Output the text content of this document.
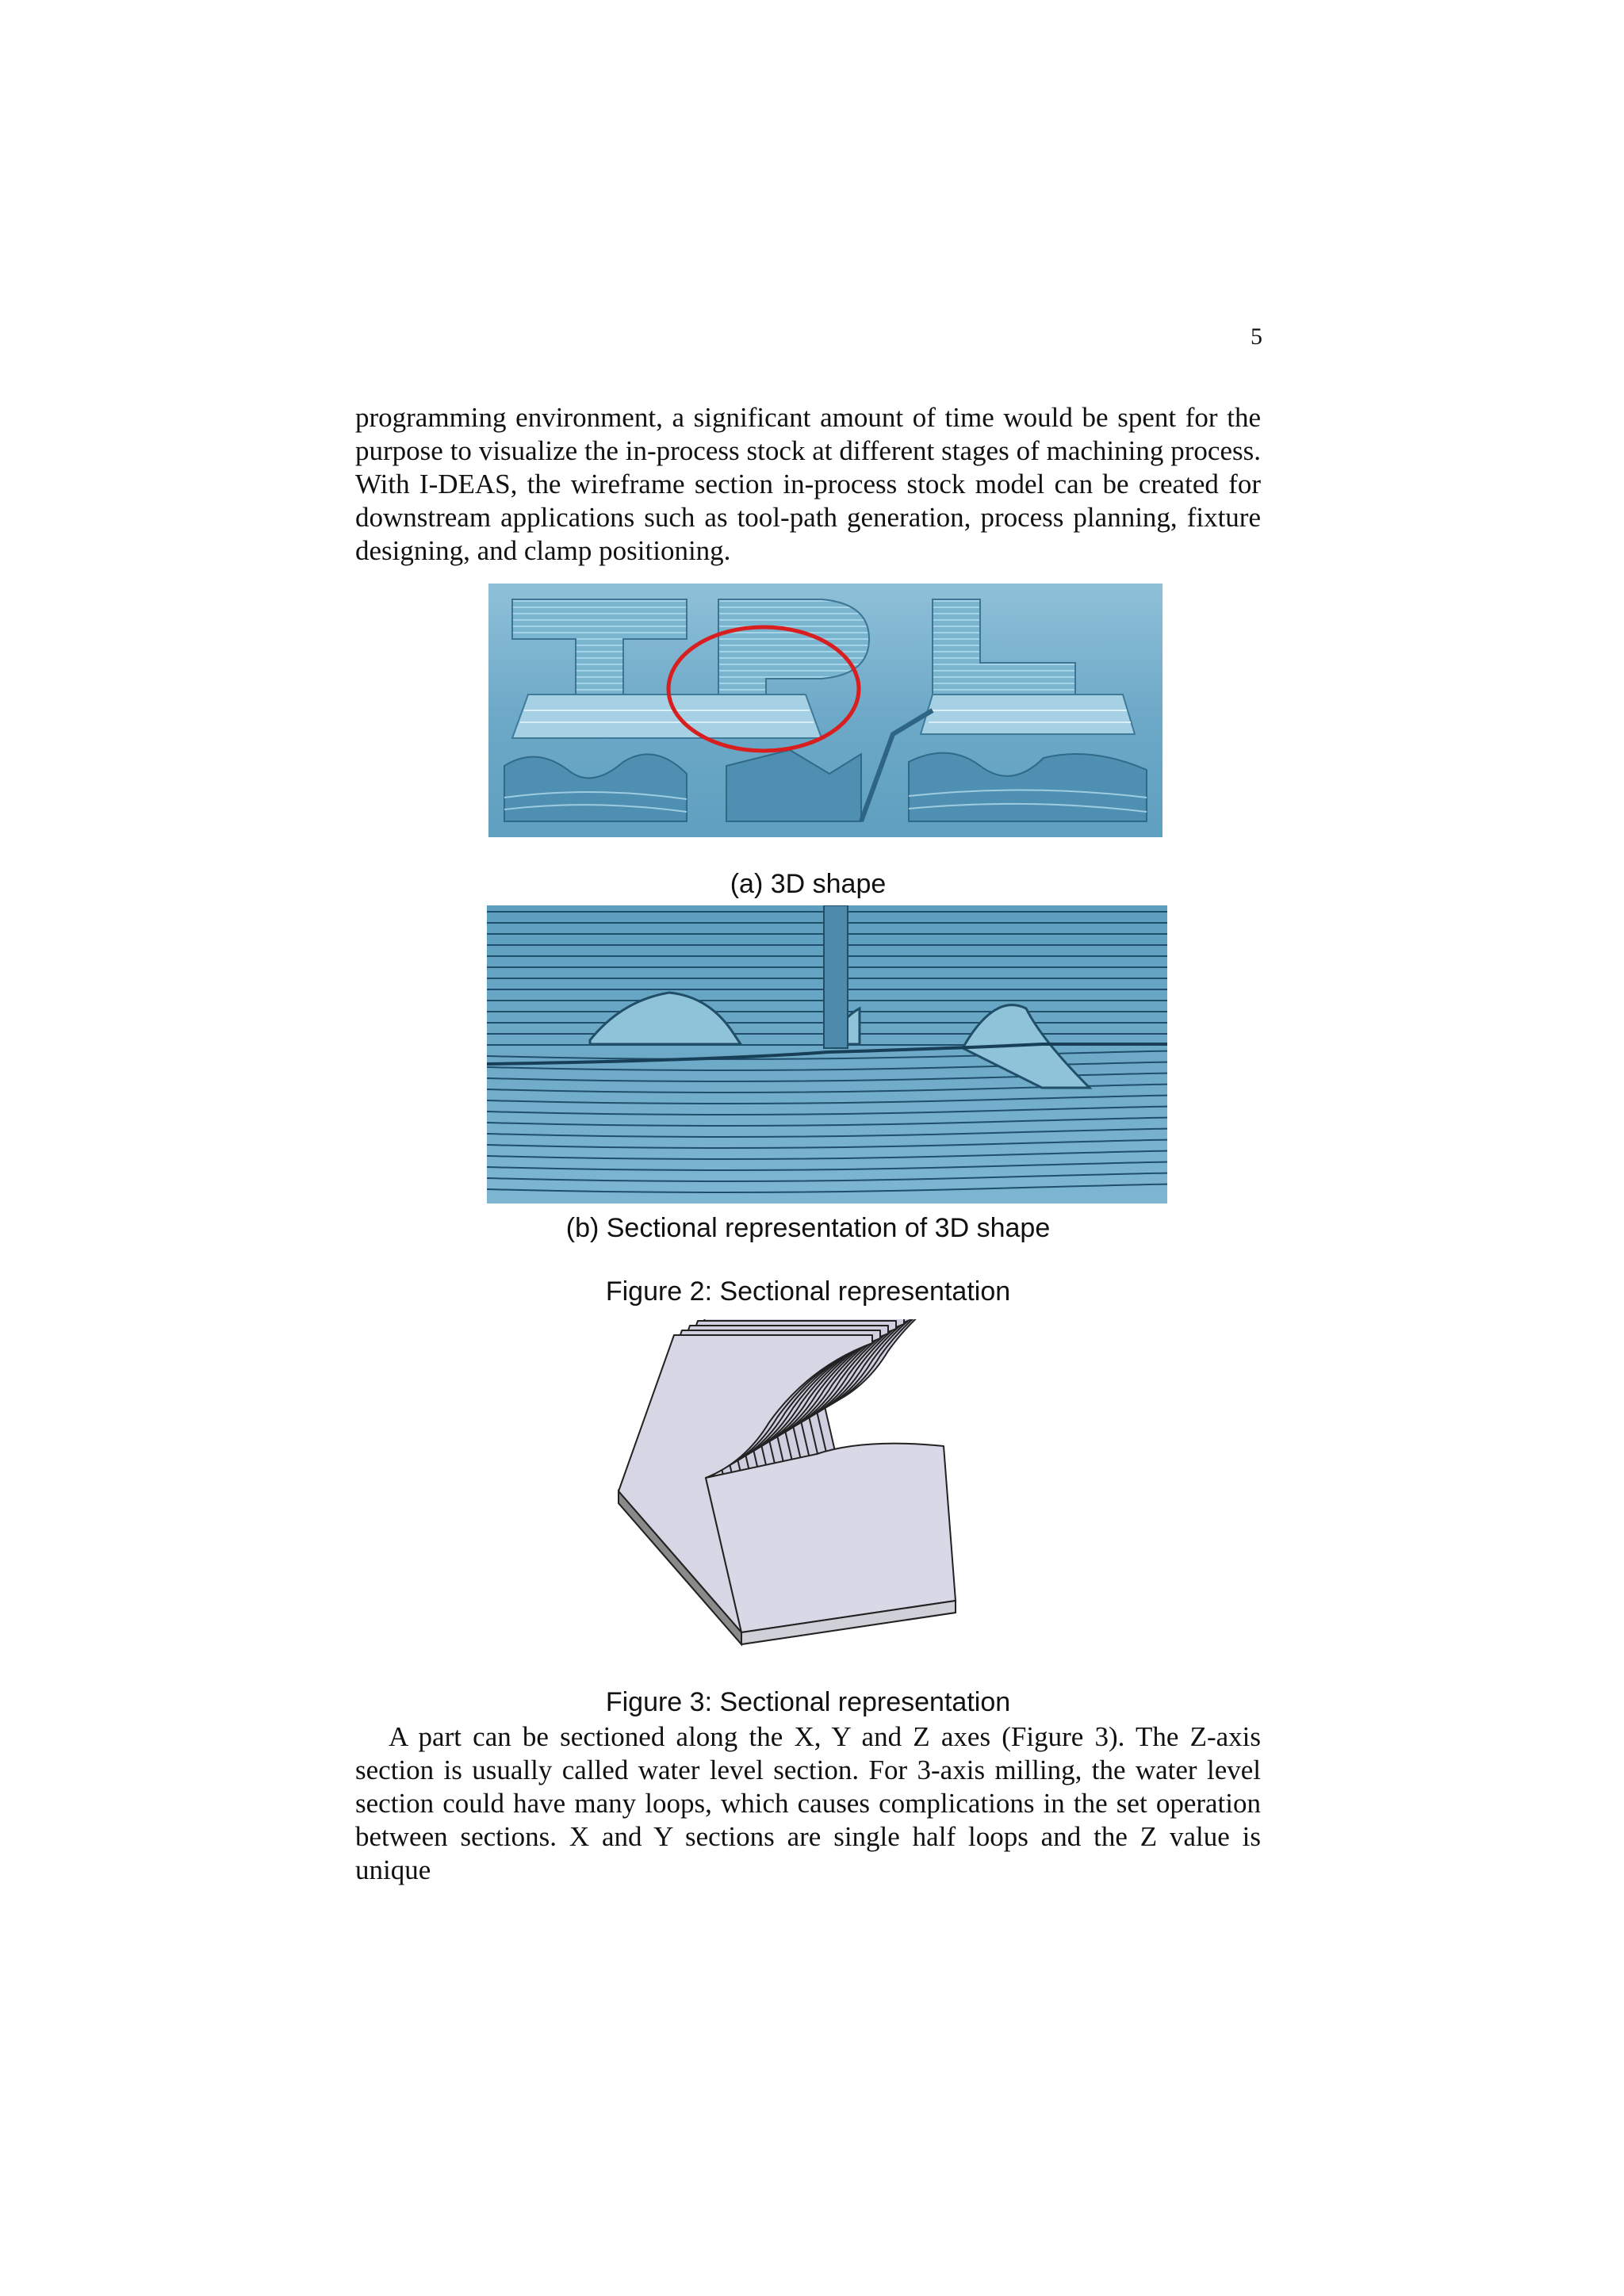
5

programming environment, a significant amount of time would be spent for the purpose to visualize the in-process stock at different stages of machining process. With I-DEAS, the wireframe section in-process stock model can be created for downstream applications such as tool-path generation, process planning, fixture designing, and clamp positioning.

(a) 3D shape
(b) Sectional representation of 3D shape
Figure 2: Sectional representation
Figure 3: Sectional representation

A part can be sectioned along the X, Y and Z axes (Figure 3). The Z-axis section is usually called water level section. For 3-axis milling, the water level section could have many loops, which causes complications in the set operation between sections. X and Y sections are single half loops and the Z value is unique
